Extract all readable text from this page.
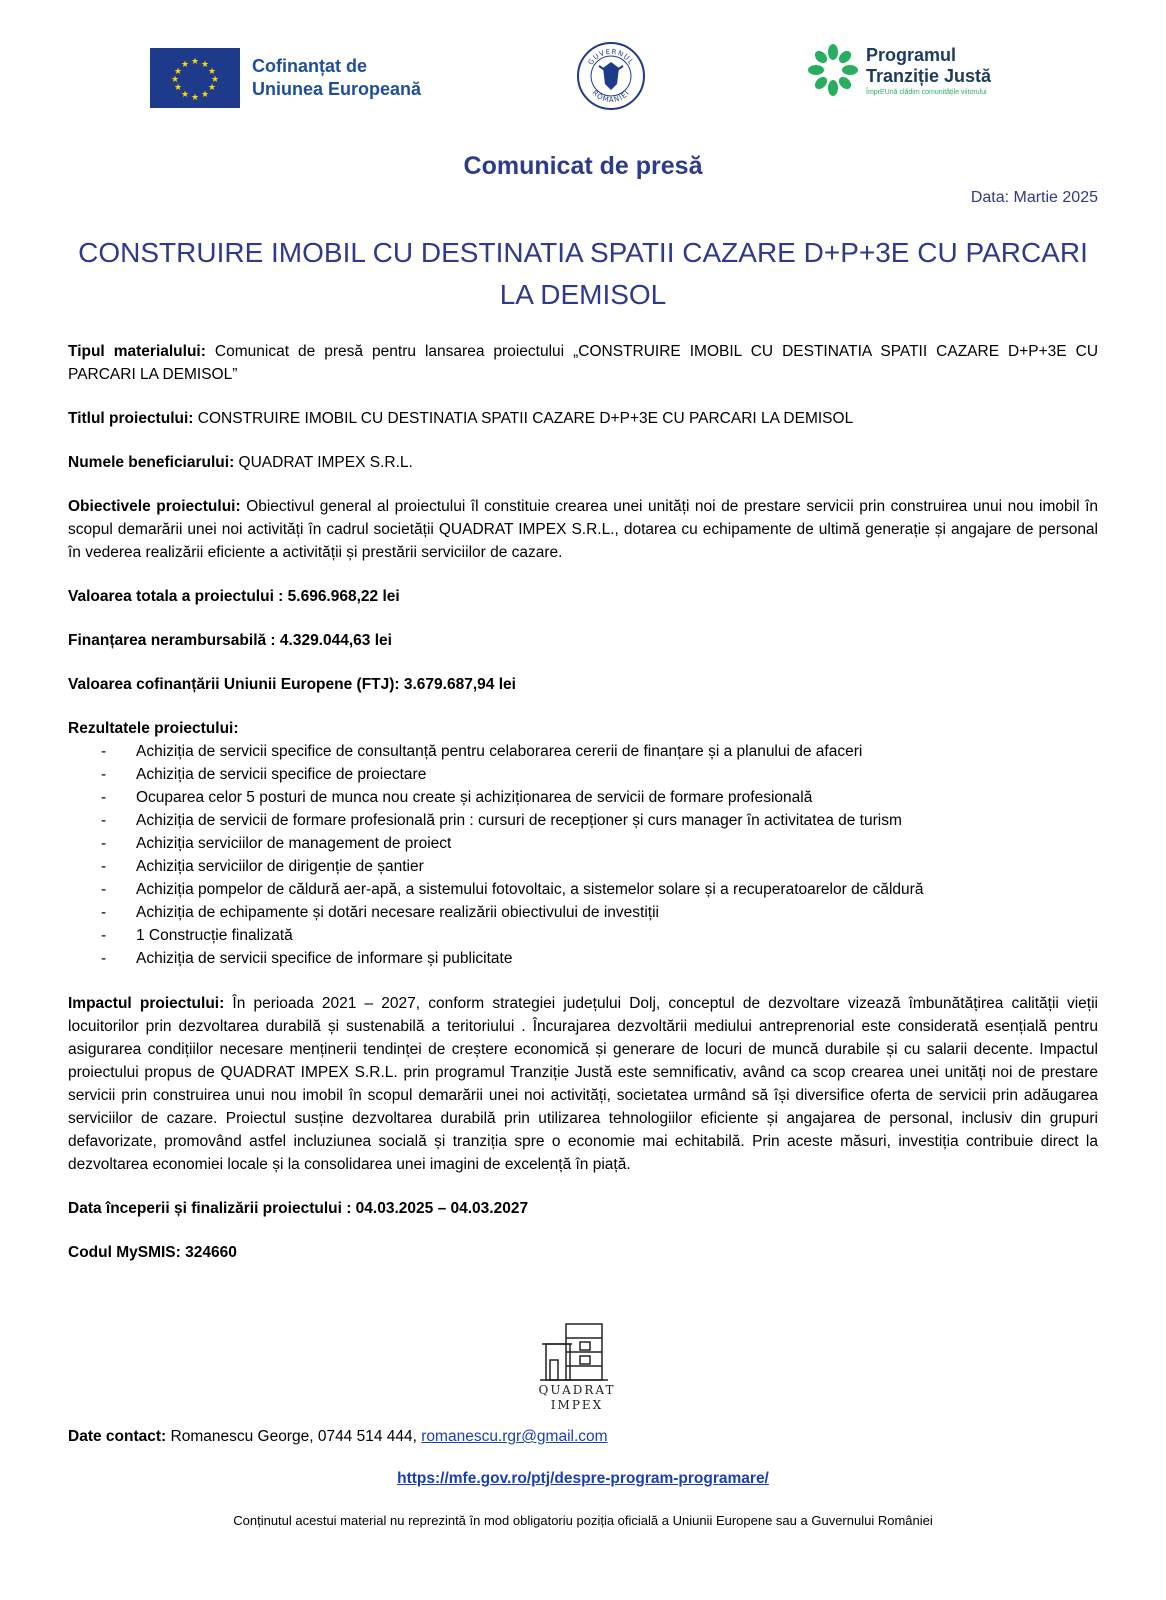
★ ★
★
★
★
★
★
★
★
★
★
★	Cofinanțat de
Uniunea Europeană
GUVERNUL
ROMÂNIEI
Programul
Tranziție Justă
ÎmprEUnă clădim comunitățile viitorului
Comunicat de presă
Data: Martie 2025
CONSTRUIRE IMOBIL CU DESTINATIA SPATII CAZARE D+P+3E CU PARCARI LA DEMISOL

Tipul materialului: Comunicat de presă pentru lansarea proiectului „CONSTRUIRE IMOBIL CU DESTINATIA SPATII CAZARE D+P+3E CU PARCARI LA DEMISOL”

Titlul proiectului: CONSTRUIRE IMOBIL CU DESTINATIA SPATII CAZARE D+P+3E CU PARCARI LA DEMISOL

Numele beneficiarului: QUADRAT IMPEX S.R.L.

Obiectivele proiectului: Obiectivul general al proiectului îl constituie crearea unei unități noi de prestare servicii prin construirea unui nou imobil în scopul demarării unei noi activități în cadrul societății QUADRAT IMPEX S.R.L., dotarea cu echipamente de ultimă generație și angajare de personal în vederea realizării eficiente a activității și prestării serviciilor de cazare.

Valoarea totala a proiectului : 5.696.968,22 lei

Finanțarea nerambursabilă : 4.329.044,63 lei

Valoarea cofinanțării Uniunii Europene (FTJ): 3.679.687,94 lei

Rezultatele proiectului:

- Achiziția de servicii specifice de consultanță pentru celaborarea cererii de finanțare și a planului de afaceri
- Achiziția de servicii specifice de proiectare
- Ocuparea celor 5 posturi de munca nou create și achiziționarea de servicii de formare profesională
- Achiziția de servicii de formare profesională prin : cursuri de recepționer și curs manager în activitatea de turism
- Achiziția serviciilor de management de proiect
- Achiziția serviciilor de dirigenție de șantier
- Achiziția pompelor de căldură aer-apă, a sistemului fotovoltaic, a sistemelor solare și a recuperatoarelor de căldură
- Achiziția de echipamente și dotări necesare realizării obiectivului de investiții
- 1 Construcție finalizată
- Achiziția de servicii specifice de informare și publicitate

Impactul proiectului: În perioada 2021 – 2027, conform strategiei județului Dolj, conceptul de dezvoltare vizează îmbunătățirea calității vieții locuitorilor prin dezvoltarea durabilă și sustenabilă a teritoriului . Încurajarea dezvoltării mediului antreprenorial este considerată esențială pentru asigurarea condițiilor necesare menținerii tendinței de creștere economică și generare de locuri de muncă durabile și cu salarii decente. Impactul proiectului propus de QUADRAT IMPEX S.R.L. prin programul Tranziție Justă este semnificativ, având ca scop crearea unei unități noi de prestare servicii prin construirea unui nou imobil în scopul demarării unei noi activități, societatea urmând să își diversifice oferta de servicii prin adăugarea serviciilor de cazare. Proiectul susține dezvoltarea durabilă prin utilizarea tehnologiilor eficiente și angajarea de personal, inclusiv din grupuri defavorizate, promovând astfel incluziunea socială și tranziția spre o economie mai echitabilă. Prin aceste măsuri, investiția contribuie direct la dezvoltarea economiei locale și la consolidarea unei imagini de excelență în piață.

Data începerii și finalizării proiectului : 04.03.2025 – 04.03.2027

Codul MySMIS: 324660

QUADRAT
IMPEX
Date contact: Romanescu George, 0744 514 444, romanescu.rgr@gmail.com
https://mfe.gov.ro/ptj/despre-program-programare/
Conținutul acestui material nu reprezintă în mod obligatoriu poziția oficială a Uniunii Europene sau a Guvernului României
